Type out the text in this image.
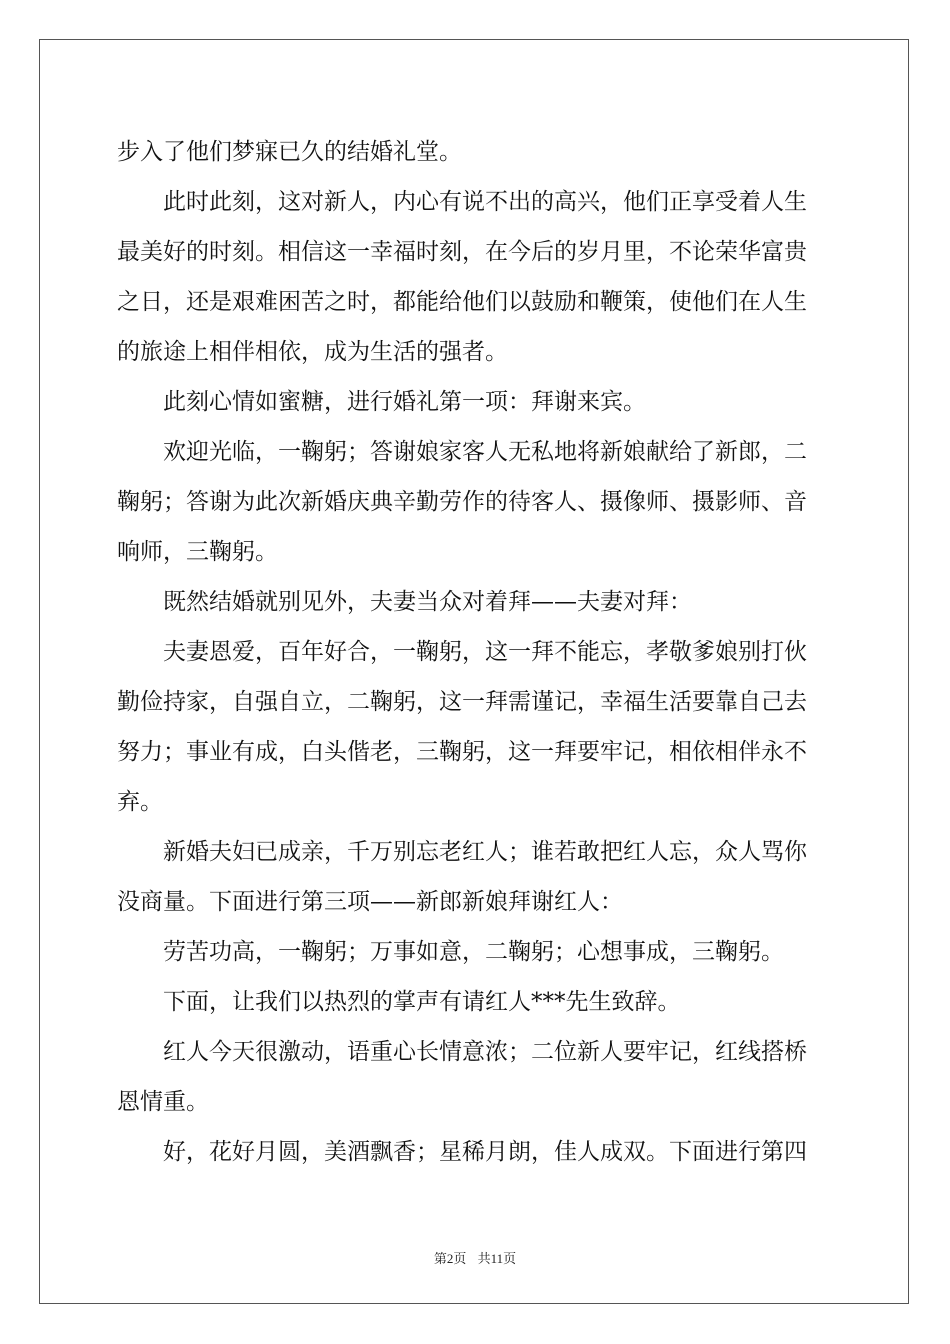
步入了他们梦寐已久的结婚礼堂。
　　此时此刻，这对新人，内心有说不出的高兴，他们正享受着人生
最美好的时刻。相信这一幸福时刻，在今后的岁月里，不论荣华富贵
之日，还是艰难困苦之时，都能给他们以鼓励和鞭策，使他们在人生
的旅途上相伴相依，成为生活的强者。
　　此刻心情如蜜糖，进行婚礼第一项：拜谢来宾。
　　欢迎光临，一鞠躬；答谢娘家客人无私地将新娘献给了新郎，二
鞠躬；答谢为此次新婚庆典辛勤劳作的待客人、摄像师、摄影师、音
响师，三鞠躬。
　　既然结婚就别见外，夫妻当众对着拜——夫妻对拜：
　　夫妻恩爱，百年好合，一鞠躬，这一拜不能忘，孝敬爹娘别打伙
勤俭持家，自强自立，二鞠躬，这一拜需谨记，幸福生活要靠自己去
努力；事业有成，白头偕老，三鞠躬，这一拜要牢记，相依相伴永不
弃。
　　新婚夫妇已成亲，千万别忘老红人；谁若敢把红人忘，众人骂你
没商量。下面进行第三项——新郎新娘拜谢红人：
　　劳苦功高，一鞠躬；万事如意，二鞠躬；心想事成，三鞠躬。
　　下面，让我们以热烈的掌声有请红人***先生致辞。
　　红人今天很激动，语重心长情意浓；二位新人要牢记，红线搭桥
恩情重。
　　好，花好月圆，美酒飘香；星稀月朗，佳人成双。下面进行第四
第2页 共11页
